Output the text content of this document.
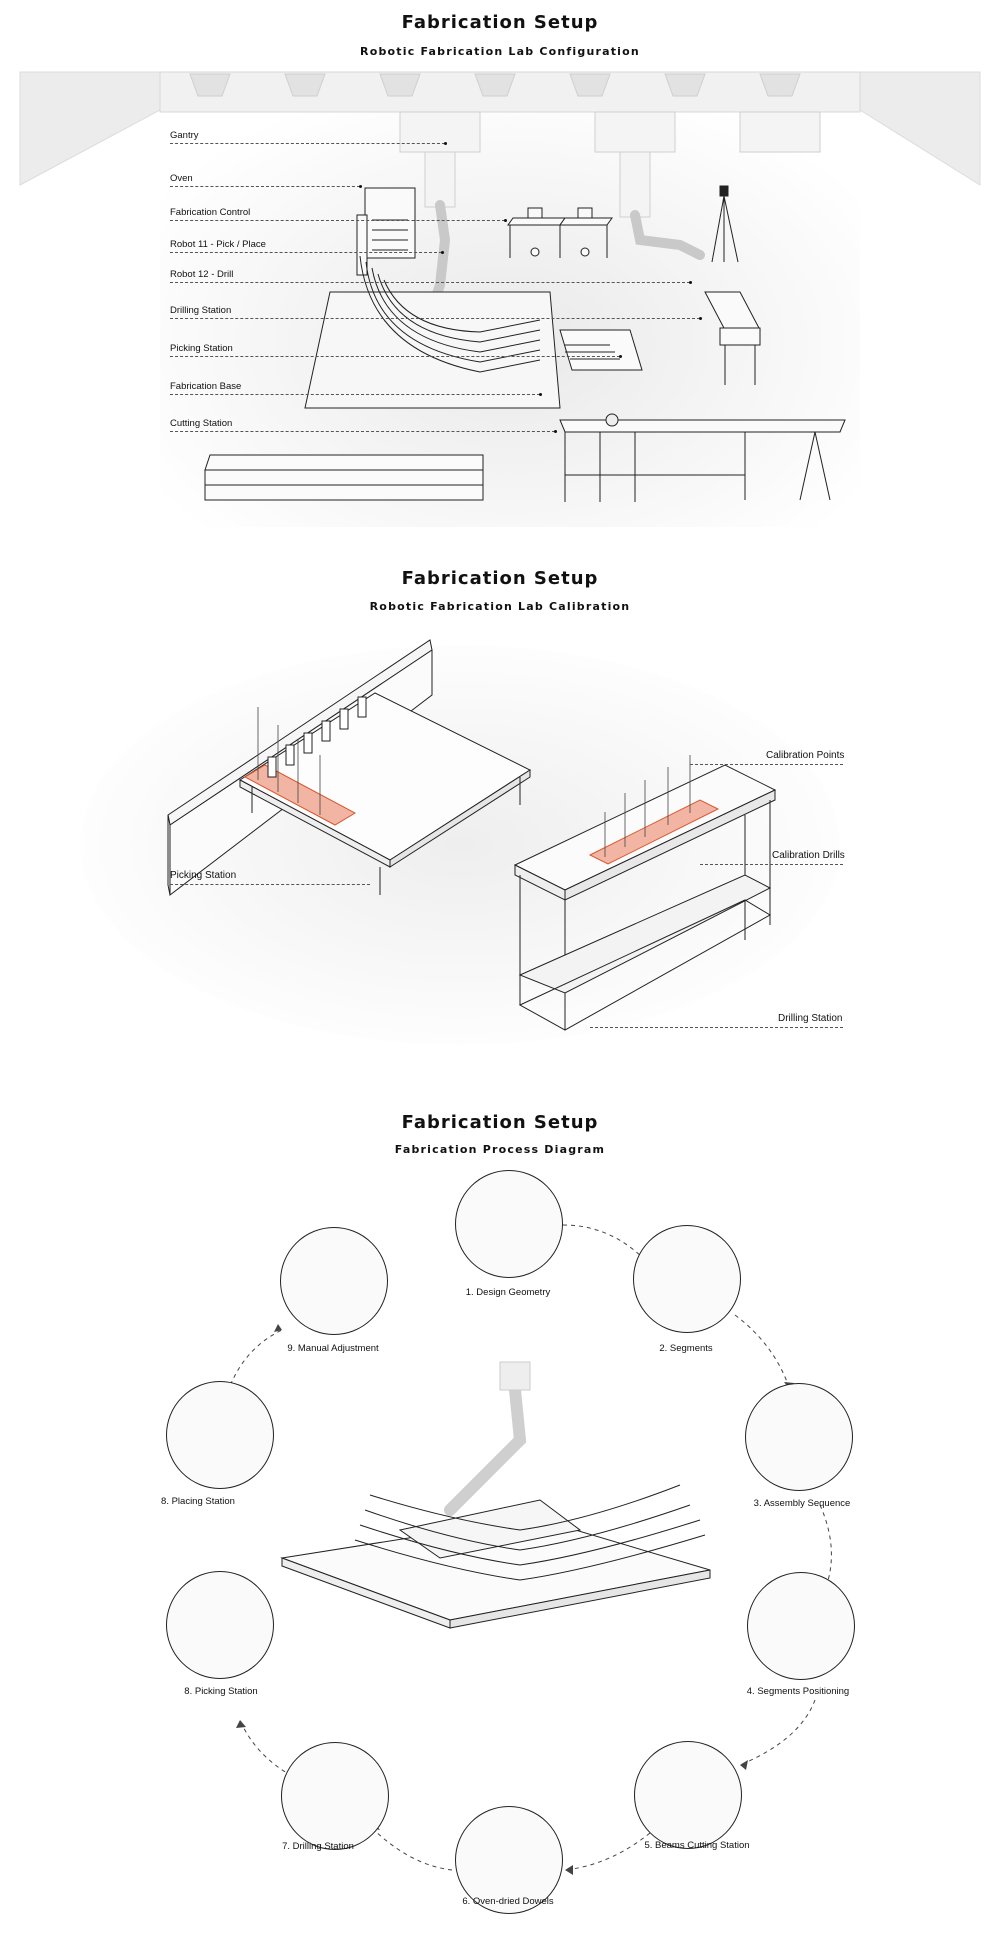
Fabrication Setup
Robotic Fabrication Lab Configuration
Gantry
Oven
Fabrication Control
Robot 11 - Pick / Place
Robot 12 - Drill
Drilling Station
Picking Station
Fabrication Base
Cutting Station
Fabrication Setup
Robotic Fabrication Lab Calibration
Picking Station
Calibration Points
Calibration Drills
Drilling Station
Fabrication Setup
Fabrication Process Diagram
1. Design Geometry
2. Segments
3. Assembly Sequence
4. Segments Positioning
5. Beams Cutting Station
6. Oven-dried Dowels
7. Drilling Station
8. Picking Station
8. Placing Station
9. Manual Adjustment
